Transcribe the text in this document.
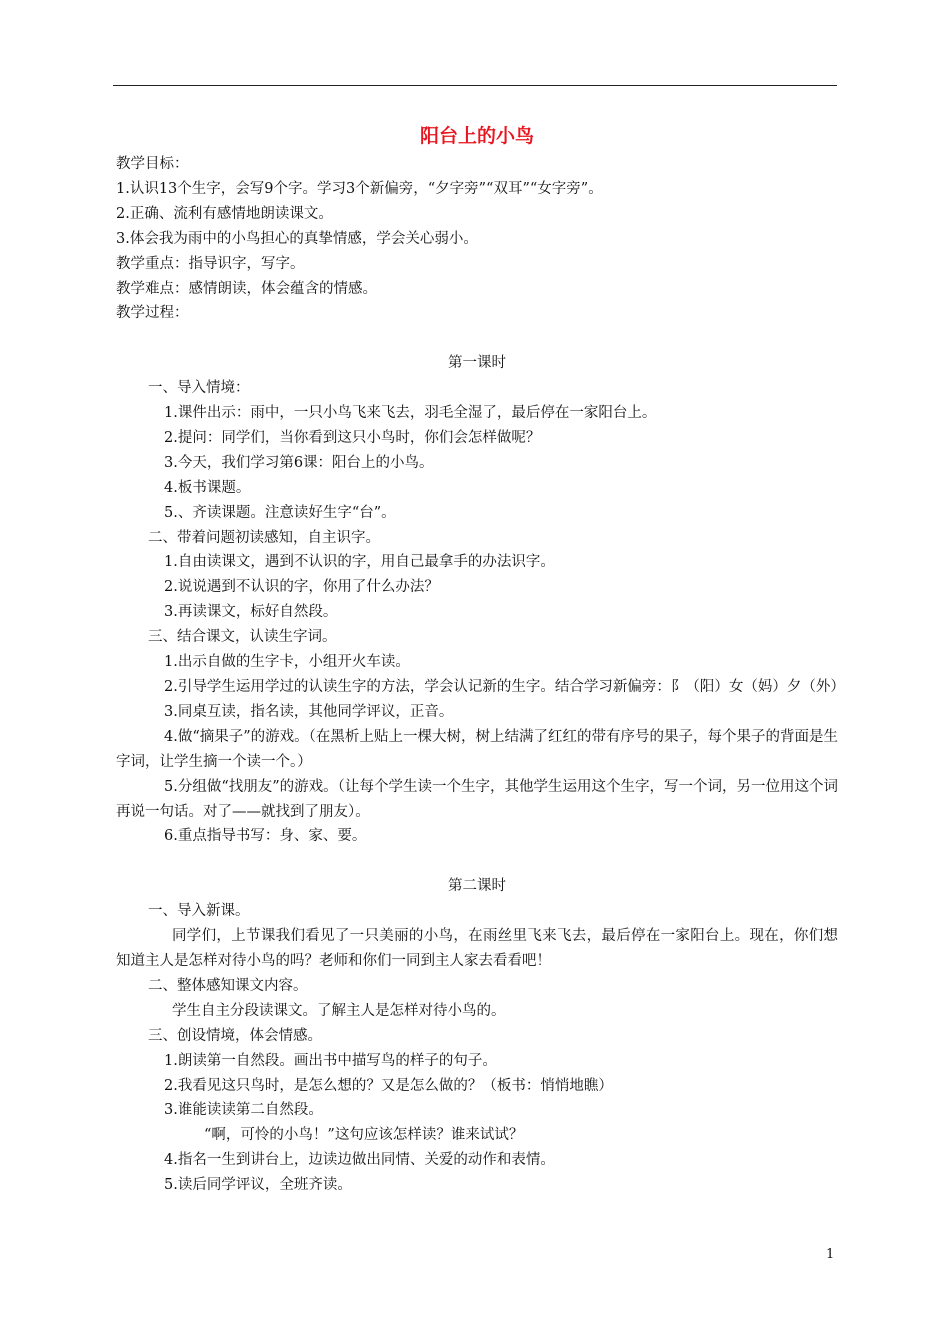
阳台上的小鸟
教学目标：
1.认识13个生字，会写9个字。学习3个新偏旁，“夕字旁”“双耳”“女字旁”。
2.正确、流利有感情地朗读课文。
3.体会我为雨中的小鸟担心的真挚情感，学会关心弱小。
教学重点：指导识字，写字。
教学难点：感情朗读，体会蕴含的情感。
教学过程：
第一课时
一、导入情境：
1.课件出示：雨中，一只小鸟飞来飞去，羽毛全湿了，最后停在一家阳台上。
2.提问：同学们，当你看到这只小鸟时，你们会怎样做呢？
3.今天，我们学习第6课：阳台上的小鸟。
4.板书课题。
5.、齐读课题。注意读好生字“台”。
二、带着问题初读感知，自主识字。
1.自由读课文，遇到不认识的字，用自己最拿手的办法识字。
2.说说遇到不认识的字，你用了什么办法？
3.再读课文，标好自然段。
三、结合课文，认读生字词。
1.出示自做的生字卡，小组开火车读。
2.引导学生运用学过的认读生字的方法，学会认记新的生字。结合学习新偏旁：阝（阳）女（妈）夕（外）
3.同桌互读，指名读，其他同学评议，正音。
4.做“摘果子”的游戏。（在黑析上贴上一棵大树，树上结满了红红的带有序号的果子，每个果子的背面是生字词，让学生摘一个读一个。）
5.分组做“找朋友”的游戏。（让每个学生读一个生字，其他学生运用这个生字，写一个词，另一位用这个词再说一句话。对了——就找到了朋友）。
6.重点指导书写：身、家、要。
第二课时
一、导入新课。
同学们，上节课我们看见了一只美丽的小鸟，在雨丝里飞来飞去，最后停在一家阳台上。现在，你们想知道主人是怎样对待小鸟的吗？老师和你们一同到主人家去看看吧！
二、整体感知课文内容。
学生自主分段读课文。了解主人是怎样对待小鸟的。
三、创设情境，体会情感。
1.朗读第一自然段。画出书中描写鸟的样子的句子。
2.我看见这只鸟时，是怎么想的？又是怎么做的？（板书：悄悄地瞧）
3.谁能读读第二自然段。
“啊，可怜的小鸟！”这句应该怎样读？谁来试试？
4.指名一生到讲台上，边读边做出同情、关爱的动作和表情。
5.读后同学评议，全班齐读。
1
